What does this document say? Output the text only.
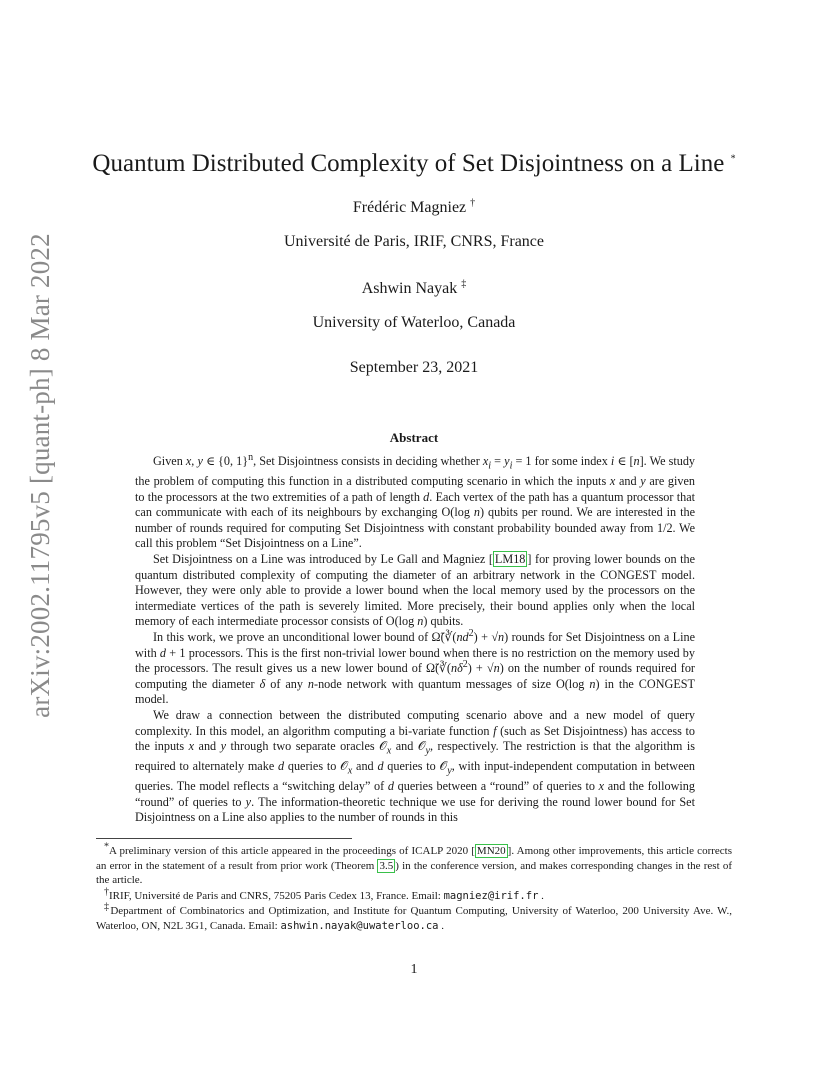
arXiv:2002.11795v5 [quant-ph] 8 Mar 2022
Quantum Distributed Complexity of Set Disjointness on a Line *
Frédéric Magniez †
Université de Paris, IRIF, CNRS, France
Ashwin Nayak ‡
University of Waterloo, Canada
September 23, 2021
Abstract

Given x, y ∈ {0, 1}$^n$, Set Disjointness consists in deciding whether $x_i = y_i = 1$ for some index i ∈ [n]. We study the problem of computing this function in a distributed computing scenario in which the inputs x and y are given to the processors at the two extremities of a path of length d. Each vertex of the path has a quantum processor that can communicate with each of its neighbours by exchanging O(log n) qubits per round. We are interested in the number of rounds required for computing Set Disjointness with constant probability bounded away from 1/2. We call this problem “Set Disjointness on a Line”.

Set Disjointness on a Line was introduced by Le Gall and Magniez [ LM18 ] for proving lower bounds on the quantum distributed complexity of computing the diameter of an arbitrary network in the CONGEST model. However, they were only able to provide a lower bound when the local memory used by the processors on the intermediate vertices of the path is severely limited. More precisely, their bound applies only when the local memory of each intermediate processor consists of O(log n) qubits.

In this work, we prove an unconditional lower bound of $\Omegã(∛(nd^2) + √n)$ rounds for Set Disjointness on a Line with d + 1 processors. This is the first non-trivial lower bound when there is no restriction on the memory used by the processors. The result gives us a new lower bound of $\Omegã(∛(n\delta^2) + √n)$ on the number of rounds required for computing the diameter δ of any n-node network with quantum messages of size O(log n) in the CONGEST model.

We draw a connection between the distributed computing scenario above and a new model of query complexity. In this model, an algorithm computing a bi-variate function f (such as Set Disjointness) has access to the inputs x and y through two separate oracles 𝒪$_x$ and 𝒪$_y$, respectively. The restriction is that the algorithm is required to alternately make d queries to 𝒪$_x$ and d queries to 𝒪$_y$, with input-independent computation in between queries. The model reflects a “switching delay” of d queries between a “round” of queries to x and the following “round” of queries to y. The information-theoretic technique we use for deriving the round lower bound for Set Disjointness on a Line also applies to the number of rounds in this

*A preliminary version of this article appeared in the proceedings of ICALP 2020 [ MN20 ]. Among other improvements, this article corrects an error in the statement of a result from prior work (Theorem 3.5 ) in the conference version, and makes corresponding changes in the rest of the article.

†IRIF, Université de Paris and CNRS, 75205 Paris Cedex 13, France. Email: magniez@irif.fr .

‡Department of Combinatorics and Optimization, and Institute for Quantum Computing, University of Waterloo, 200 University Ave. W., Waterloo, ON, N2L 3G1, Canada. Email: ashwin.nayak@uwaterloo.ca .

1
